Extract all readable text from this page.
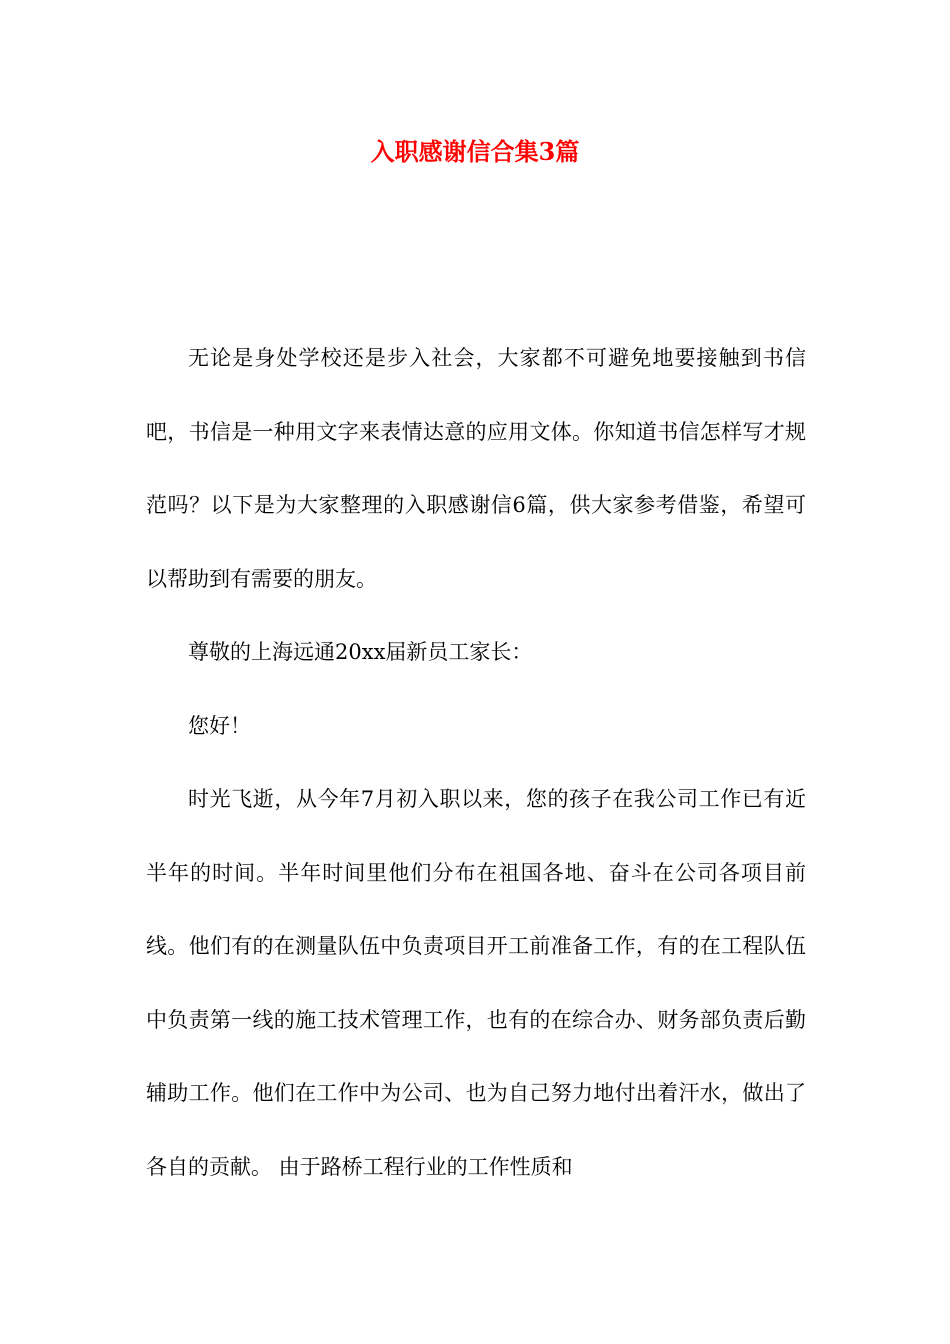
入职感谢信合集3篇

无论是身处学校还是步入社会，大家都不可避免地要接触到书信吧，书信是一种用文字来表情达意的应用文体。你知道书信怎样写才规范吗？以下是为大家整理的入职感谢信6篇，供大家参考借鉴，希望可以帮助到有需要的朋友。

尊敬的上海远通20xx届新员工家长：

您好！

时光飞逝，从今年7月初入职以来，您的孩子在我公司工作已有近半年的时间。半年时间里他们分布在祖国各地、奋斗在公司各项目前线。他们有的在测量队伍中负责项目开工前准备工作，有的在工程队伍中负责第一线的施工技术管理工作，也有的在综合办、财务部负责后勤辅助工作。他们在工作中为公司、也为自己努力地付出着汗水，做出了各自的贡献。 由于路桥工程行业的工作性质和
